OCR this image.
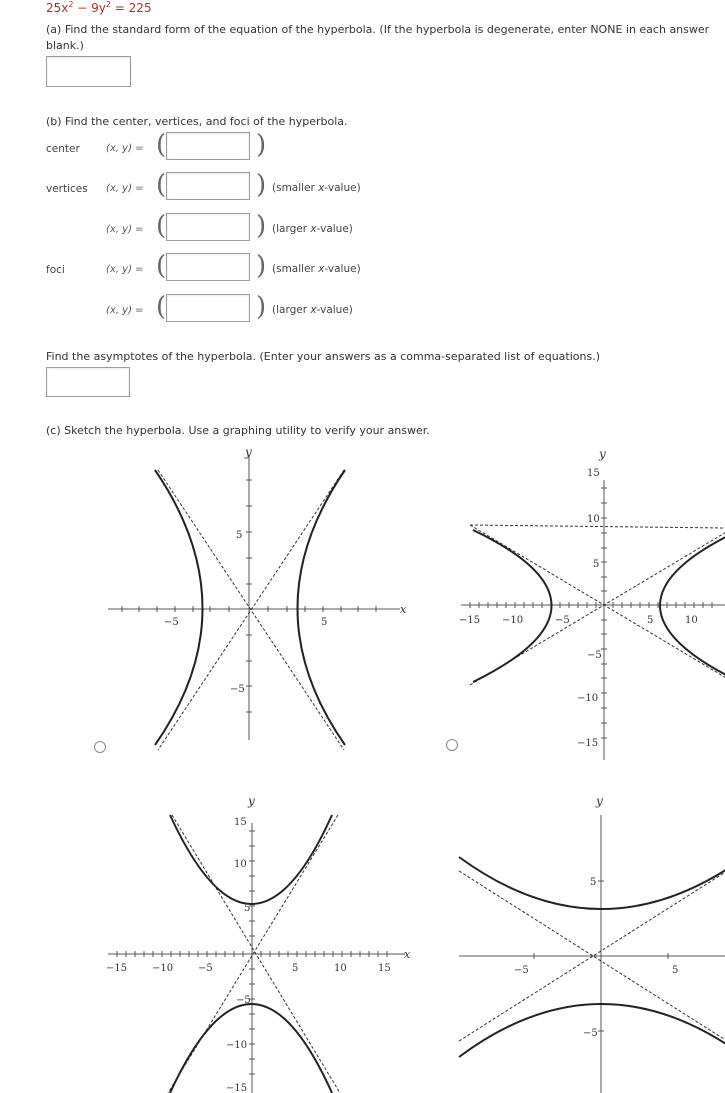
$25x^2 - 9y^2 = 225$
(a) Find the standard form of the equation of the hyperbola. (If the hyperbola is degenerate, enter NONE in each answer blank.)
(b) Find the center, vertices, and foci of the hyperbola.
center	(x, y) = (	)
vertices (x, y) = (	) (smaller x-value)
(x, y) = (	) (larger x-value)
foci	(x, y) = (	) (smaller x-value)
(x, y) = (	) (larger x-value)
Find the asymptotes of the hyperbola. (Enter your answers as a comma-separated list of equations.)
(c) Sketch the hyperbola. Use a graphing utility to verify your answer.
x
y
−5	5
5
−5
y
−15 −10	−5	5	10
15
10
5
−5
−10
−15
x
y
−15 −10 −5	5	10	15
15
10
5
−5
−10
−15
y
−5	5
5
−5
